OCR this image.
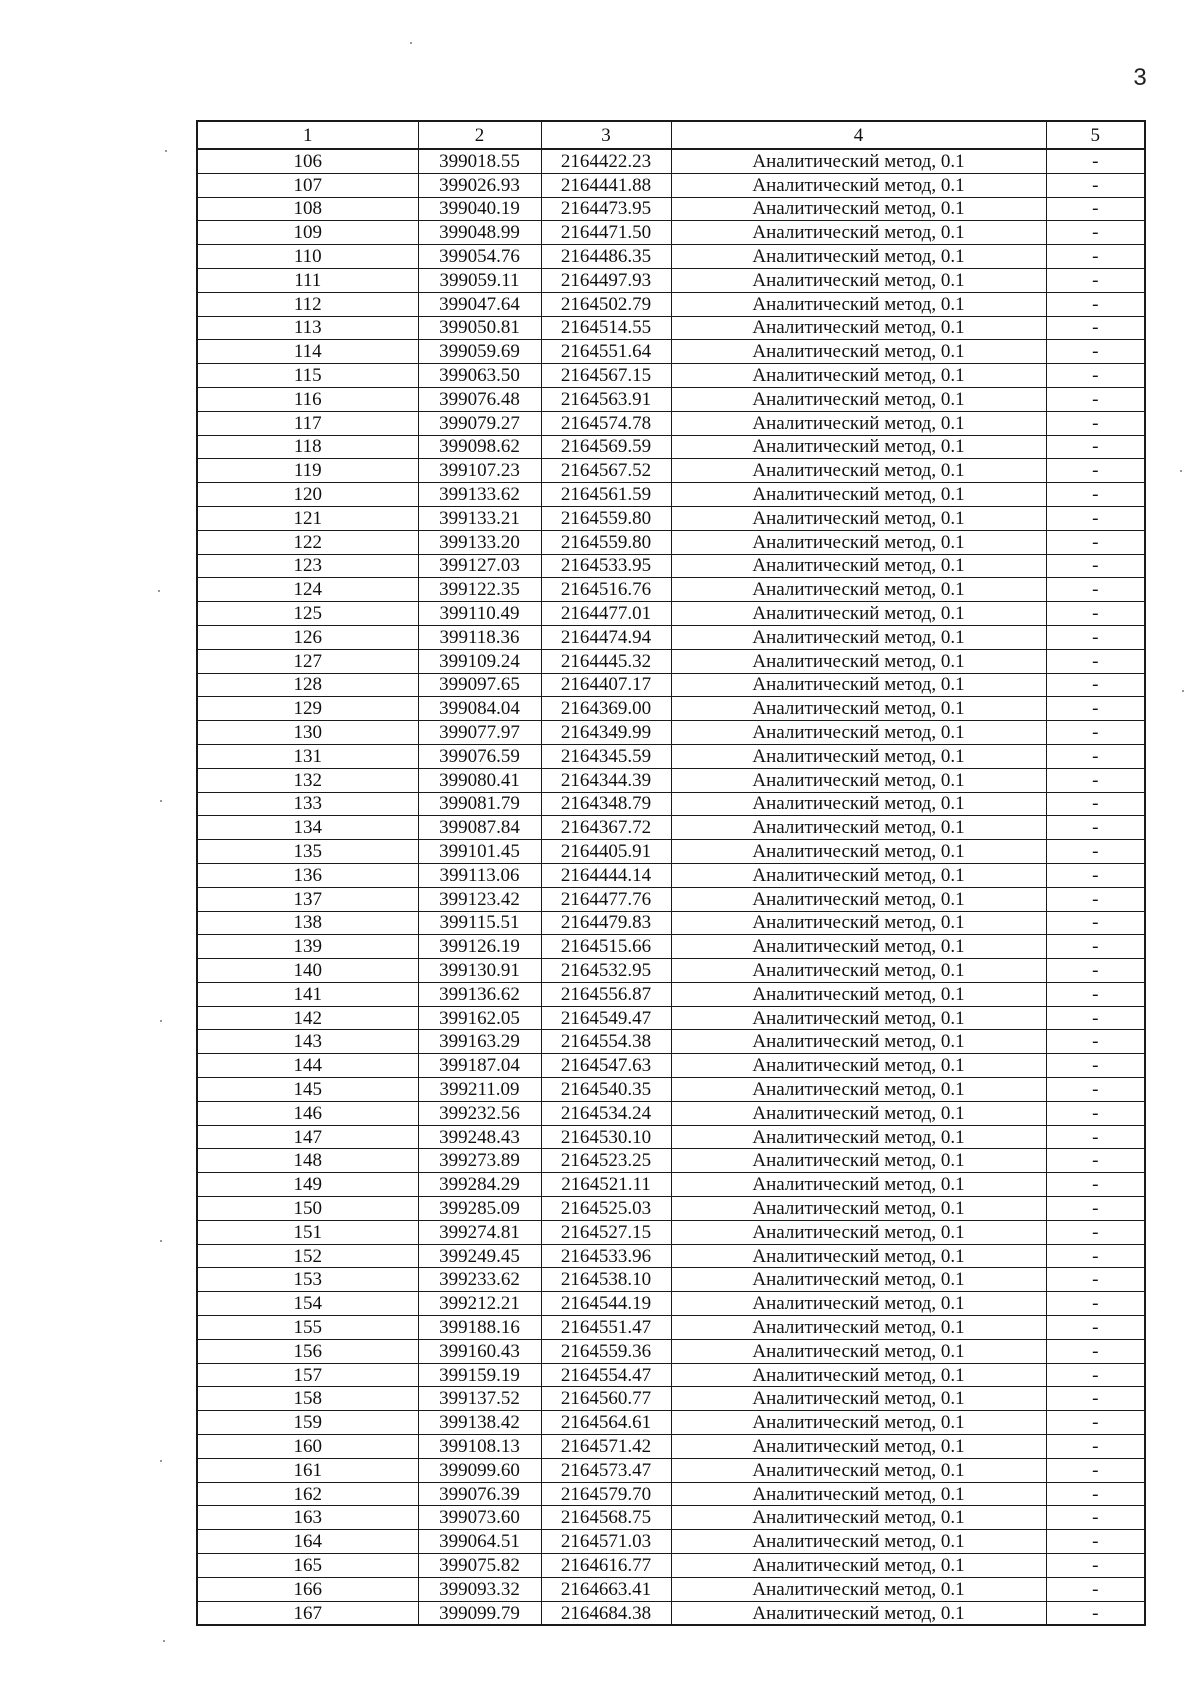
3
1	2	3	4	5
106	399018.55	2164422.23	Аналитический метод, 0.1	-
107	399026.93	2164441.88	Аналитический метод, 0.1	-
108	399040.19	2164473.95	Аналитический метод, 0.1	-
109	399048.99	2164471.50	Аналитический метод, 0.1	-
110	399054.76	2164486.35	Аналитический метод, 0.1	-
111	399059.11	2164497.93	Аналитический метод, 0.1	-
112	399047.64	2164502.79	Аналитический метод, 0.1	-
113	399050.81	2164514.55	Аналитический метод, 0.1	-
114	399059.69	2164551.64	Аналитический метод, 0.1	-
115	399063.50	2164567.15	Аналитический метод, 0.1	-
116	399076.48	2164563.91	Аналитический метод, 0.1	-
117	399079.27	2164574.78	Аналитический метод, 0.1	-
118	399098.62	2164569.59	Аналитический метод, 0.1	-
119	399107.23	2164567.52	Аналитический метод, 0.1	-
120	399133.62	2164561.59	Аналитический метод, 0.1	-
121	399133.21	2164559.80	Аналитический метод, 0.1	-
122	399133.20	2164559.80	Аналитический метод, 0.1	-
123	399127.03	2164533.95	Аналитический метод, 0.1	-
124	399122.35	2164516.76	Аналитический метод, 0.1	-
125	399110.49	2164477.01	Аналитический метод, 0.1	-
126	399118.36	2164474.94	Аналитический метод, 0.1	-
127	399109.24	2164445.32	Аналитический метод, 0.1	-
128	399097.65	2164407.17	Аналитический метод, 0.1	-
129	399084.04	2164369.00	Аналитический метод, 0.1	-
130	399077.97	2164349.99	Аналитический метод, 0.1	-
131	399076.59	2164345.59	Аналитический метод, 0.1	-
132	399080.41	2164344.39	Аналитический метод, 0.1	-
133	399081.79	2164348.79	Аналитический метод, 0.1	-
134	399087.84	2164367.72	Аналитический метод, 0.1	-
135	399101.45	2164405.91	Аналитический метод, 0.1	-
136	399113.06	2164444.14	Аналитический метод, 0.1	-
137	399123.42	2164477.76	Аналитический метод, 0.1	-
138	399115.51	2164479.83	Аналитический метод, 0.1	-
139	399126.19	2164515.66	Аналитический метод, 0.1	-
140	399130.91	2164532.95	Аналитический метод, 0.1	-
141	399136.62	2164556.87	Аналитический метод, 0.1	-
142	399162.05	2164549.47	Аналитический метод, 0.1	-
143	399163.29	2164554.38	Аналитический метод, 0.1	-
144	399187.04	2164547.63	Аналитический метод, 0.1	-
145	399211.09	2164540.35	Аналитический метод, 0.1	-
146	399232.56	2164534.24	Аналитический метод, 0.1	-
147	399248.43	2164530.10	Аналитический метод, 0.1	-
148	399273.89	2164523.25	Аналитический метод, 0.1	-
149	399284.29	2164521.11	Аналитический метод, 0.1	-
150	399285.09	2164525.03	Аналитический метод, 0.1	-
151	399274.81	2164527.15	Аналитический метод, 0.1	-
152	399249.45	2164533.96	Аналитический метод, 0.1	-
153	399233.62	2164538.10	Аналитический метод, 0.1	-
154	399212.21	2164544.19	Аналитический метод, 0.1	-
155	399188.16	2164551.47	Аналитический метод, 0.1	-
156	399160.43	2164559.36	Аналитический метод, 0.1	-
157	399159.19	2164554.47	Аналитический метод, 0.1	-
158	399137.52	2164560.77	Аналитический метод, 0.1	-
159	399138.42	2164564.61	Аналитический метод, 0.1	-
160	399108.13	2164571.42	Аналитический метод, 0.1	-
161	399099.60	2164573.47	Аналитический метод, 0.1	-
162	399076.39	2164579.70	Аналитический метод, 0.1	-
163	399073.60	2164568.75	Аналитический метод, 0.1	-
164	399064.51	2164571.03	Аналитический метод, 0.1	-
165	399075.82	2164616.77	Аналитический метод, 0.1	-
166	399093.32	2164663.41	Аналитический метод, 0.1	-
167	399099.79	2164684.38	Аналитический метод, 0.1	-
